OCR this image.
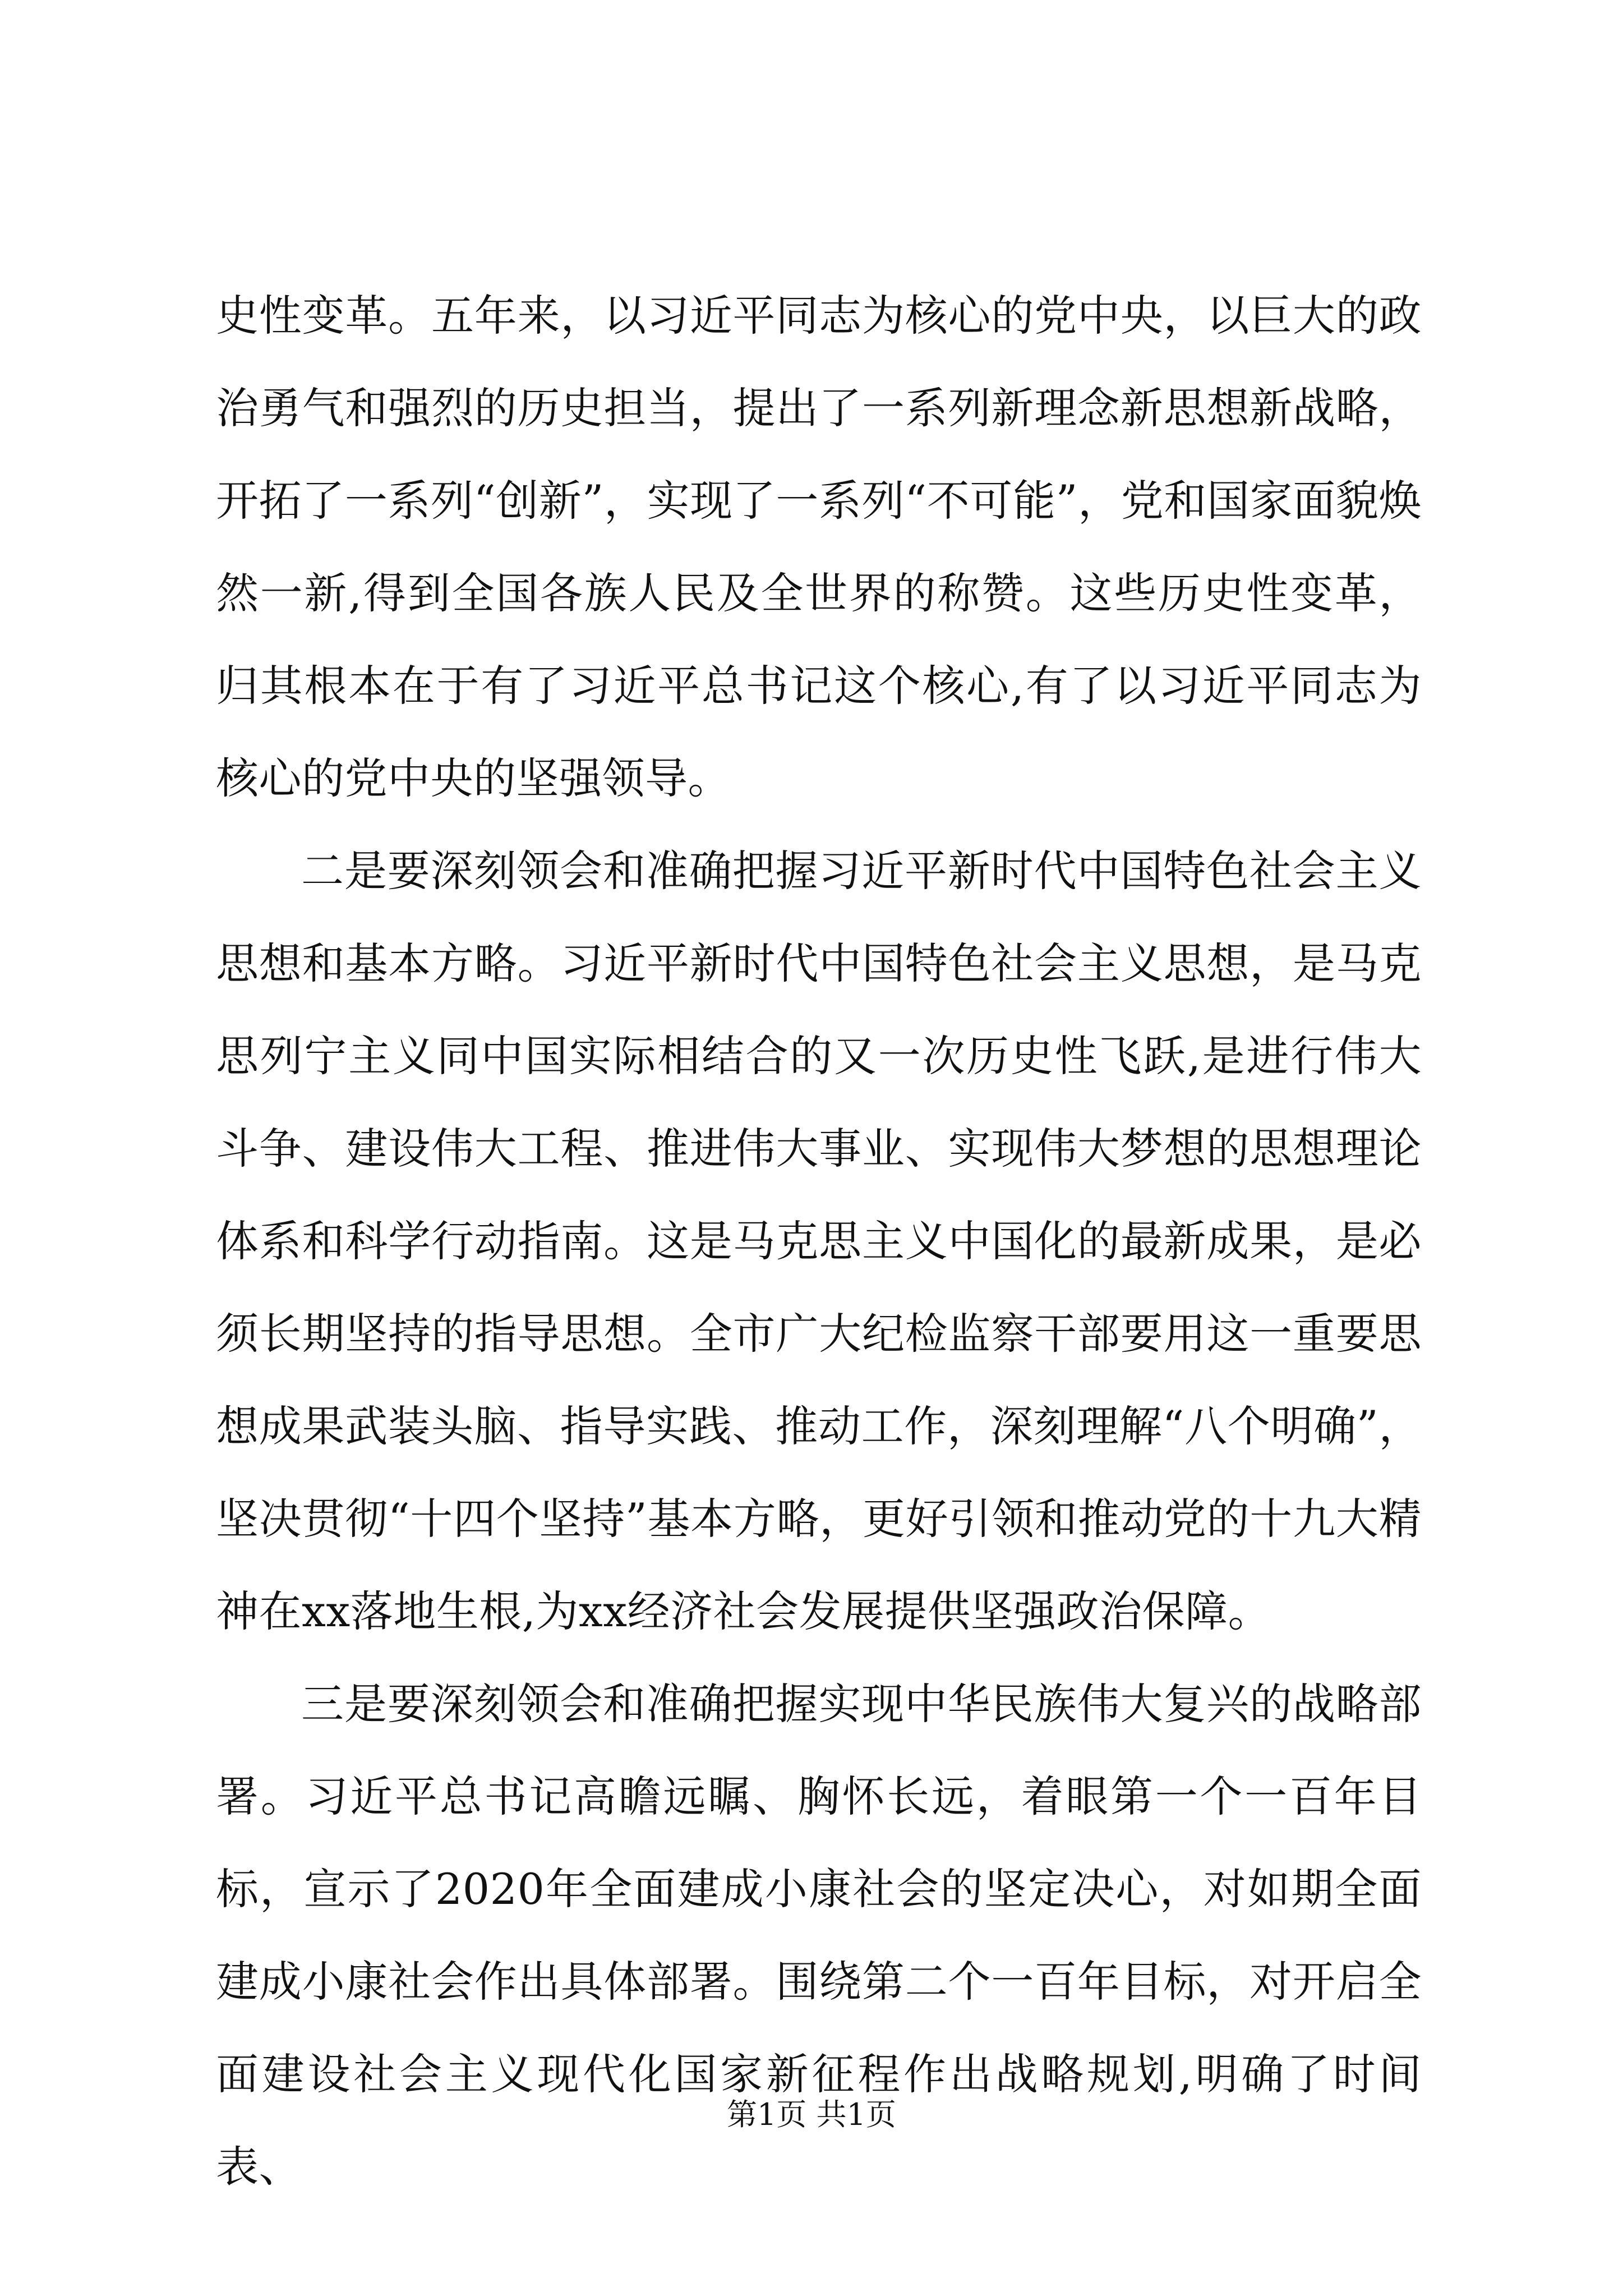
史性变革。五年来，以习近平同志为核心的党中央，以巨大的政治勇气和强烈的历史担当，提出了一系列新理念新思想新战略，开拓了一系列“创新”，实现了一系列“不可能”，党和国家面貌焕然一新,得到全国各族人民及全世界的称赞。这些历史性变革，归其根本在于有了习近平总书记这个核心,有了以习近平同志为核心的党中央的坚强领导。

二是要深刻领会和准确把握习近平新时代中国特色社会主义思想和基本方略。习近平新时代中国特色社会主义思想，是马克思列宁主义同中国实际相结合的又一次历史性飞跃,是进行伟大斗争、建设伟大工程、推进伟大事业、实现伟大梦想的思想理论体系和科学行动指南。这是马克思主义中国化的最新成果，是必须长期坚持的指导思想。全市广大纪检监察干部要用这一重要思想成果武装头脑、指导实践、推动工作，深刻理解“八个明确”，坚决贯彻“十四个坚持”基本方略，更好引领和推动党的十九大精神在xx落地生根,为xx经济社会发展提供坚强政治保障。

三是要深刻领会和准确把握实现中华民族伟大复兴的战略部署。习近平总书记高瞻远瞩、胸怀长远，着眼第一个一百年目标，宣示了2020年全面建成小康社会的坚定决心，对如期全面建成小康社会作出具体部署。围绕第二个一百年目标，对开启全面建设社会主义现代化国家新征程作出战略规划,明确了时间表、

第1页 共1页
